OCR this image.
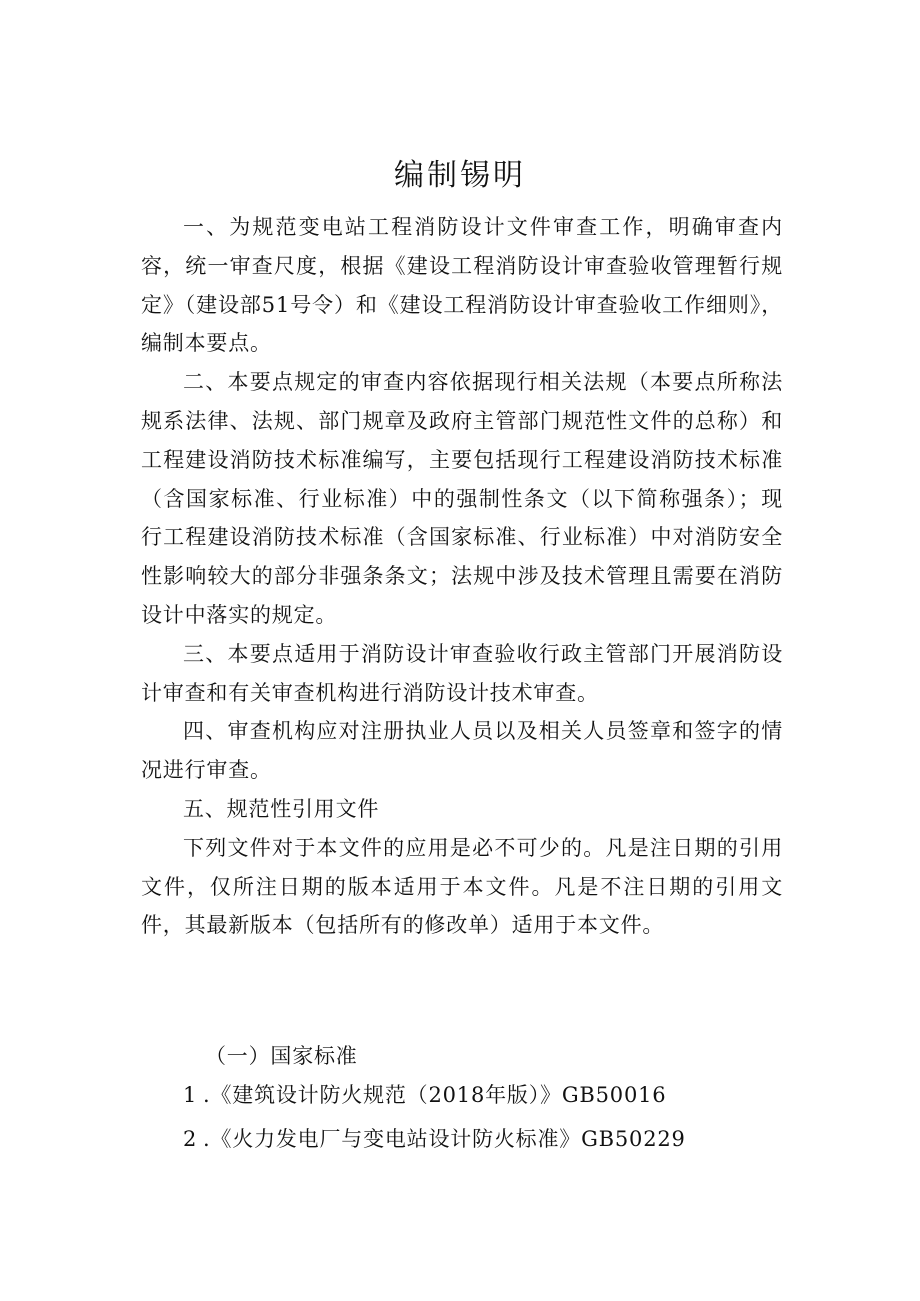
编制锡明

一、为规范变电站工程消防设计文件审查工作，明确审查内容，统一审查尺度，根据《建设工程消防设计审查验收管理暂行规定》（建设部51号令）和《建设工程消防设计审查验收工作细则》，编制本要点。

二、本要点规定的审查内容依据现行相关法规（本要点所称法规系法律、法规、部门规章及政府主管部门规范性文件的总称）和工程建设消防技术标准编写，主要包括现行工程建设消防技术标准（含国家标准、行业标准）中的强制性条文（以下简称强条）；现行工程建设消防技术标准（含国家标准、行业标准）中对消防安全性影响较大的部分非强条条文；法规中涉及技术管理且需要在消防设计中落实的规定。

三、本要点适用于消防设计审查验收行政主管部门开展消防设计审查和有关审查机构进行消防设计技术审查。

四、审查机构应对注册执业人员以及相关人员签章和签字的情况进行审查。

五、规范性引用文件

下列文件对于本文件的应用是必不可少的。凡是注日期的引用文件，仅所注日期的版本适用于本文件。凡是不注日期的引用文件，其最新版本（包括所有的修改单）适用于本文件。

（一）国家标准

1 .《建筑设计防火规范（2018年版）》GB50016

2 .《火力发电厂与变电站设计防火标准》GB50229
